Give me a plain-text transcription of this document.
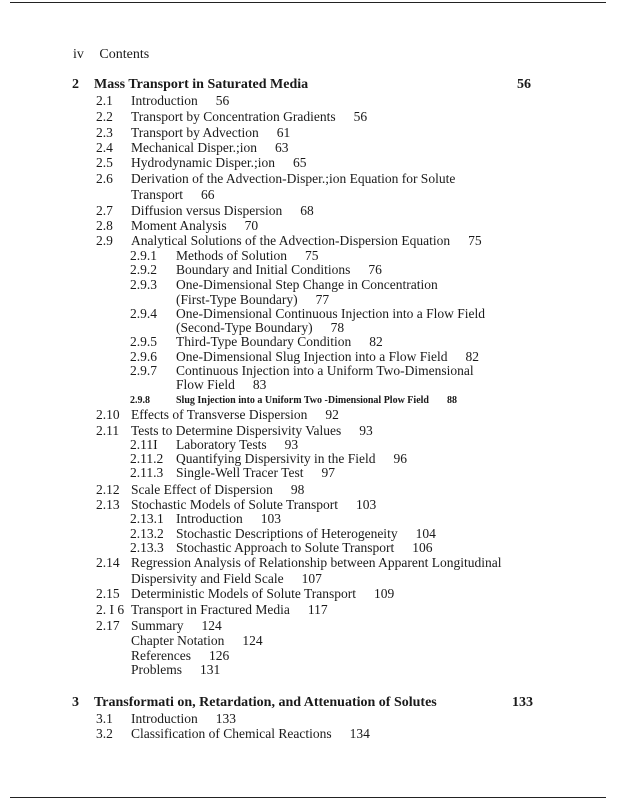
iv Contents
2 Mass Transport in Saturated Media	56
2.1 Introduction 56
2.2 Transport by Concentration Gradients 56
2.3 Transport by Advection 61
2.4 Mechanical Disper.;ion 63
2.5 Hydrodynamic Disper.;ion 65
2.6 Derivation of the Advection-Disper.;ion Equation for Solute
Transport 66
2.7 Diffusion versus Dispersion 68
2.8 Moment Analysis 70
2.9 Analytical Solutions of the Advection-Dispersion Equation 75
2.9.1 Methods of Solution 75
2.9.2 Boundary and Initial Conditions 76
2.9.3 One-Dimensional Step Change in Concentration
(First-Type Boundary) 77
2.9.4 One-Dimensional Continuous Injection into a Flow Field
(Second-Type Boundary) 78
2.9.5 Third-Type Boundary Condition 82
2.9.6 One-Dimensional Slug Injection into a Flow Field 82
2.9.7 Continuous Injection into a Uniform Two-Dimensional
Flow Field 83
2.9.8	Slug Injection into a Uniform Two -Dimensional Plow Field 88
2.10 Effects of Transverse Dispersion 92
2.11 Tests to Determine Dispersivity Values 93
2.11I Laboratory Tests 93
2.11.2 Quantifying Dispersivity in the Field 96
2.11.3 Single-Well Tracer Test 97
2.12 Scale Effect of Dispersion 98
2.13 Stochastic Models of Solute Transport 103
2.13.1 Introduction 103
2.13.2 Stochastic Descriptions of Heterogeneity 104
2.13.3 Stochastic Approach to Solute Transport 106
2.14 Regression Analysis of Relationship between Apparent Longitudinal
Dispersivity and Field Scale 107
2.15 Deterministic Models of Solute Transport 109
2. I 6 Transport in Fractured Media 117
2.17 Summary 124
Chapter Notation 124
References 126
Problems 131
3 Transformati on, Retardation, and Attenuation of Solutes	133
3.1 Introduction 133
3.2 Classification of Chemical Reactions 134
